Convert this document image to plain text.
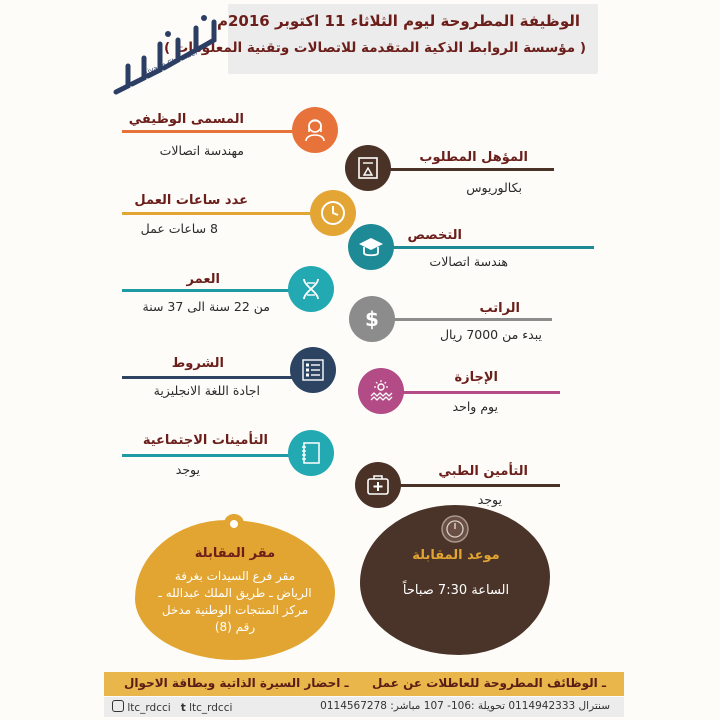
الوظيفة المطروحة ليوم الثلاثاء 11 اكتوبر 2016م
( مؤسسة الروابط الذكية المتقدمة للاتصالات وتقنية المعلومات )
Riyadh Chamber
المسمى الوظيفي
مهندسة اتصالات	المؤهل المطلوب
بكالوريوس
عدد ساعات العمل
8 ساعات عمل	التخصص
هندسة اتصالات
العمر
من 22 سنة الى 37 سنة
$	الراتب
يبدء من 7000 ريال
الشروط
اجادة اللغة الانجليزية
الإجازة
يوم واحد
التأمينات الاجتماعية
يوجد	التأمين الطبي
يوجد
مقر المقابلة
مقر فرع السيدات بغرفة
الرياض ـ طريق الملك عبدالله ـ
مركز المنتجات الوطنية مدخل
رقم (8)
موعد المقابلة
الساعة 7:30 صباحاً
ـ الوظائف المطروحة للعاطلات عن عمل
ـ احضار السيرة الذاتية وبطاقة الاحوال
سنترال 0114942333 تحويلة :106- 107 مباشر: 0114567278
ltc_rdcci t ltc_rdcci
